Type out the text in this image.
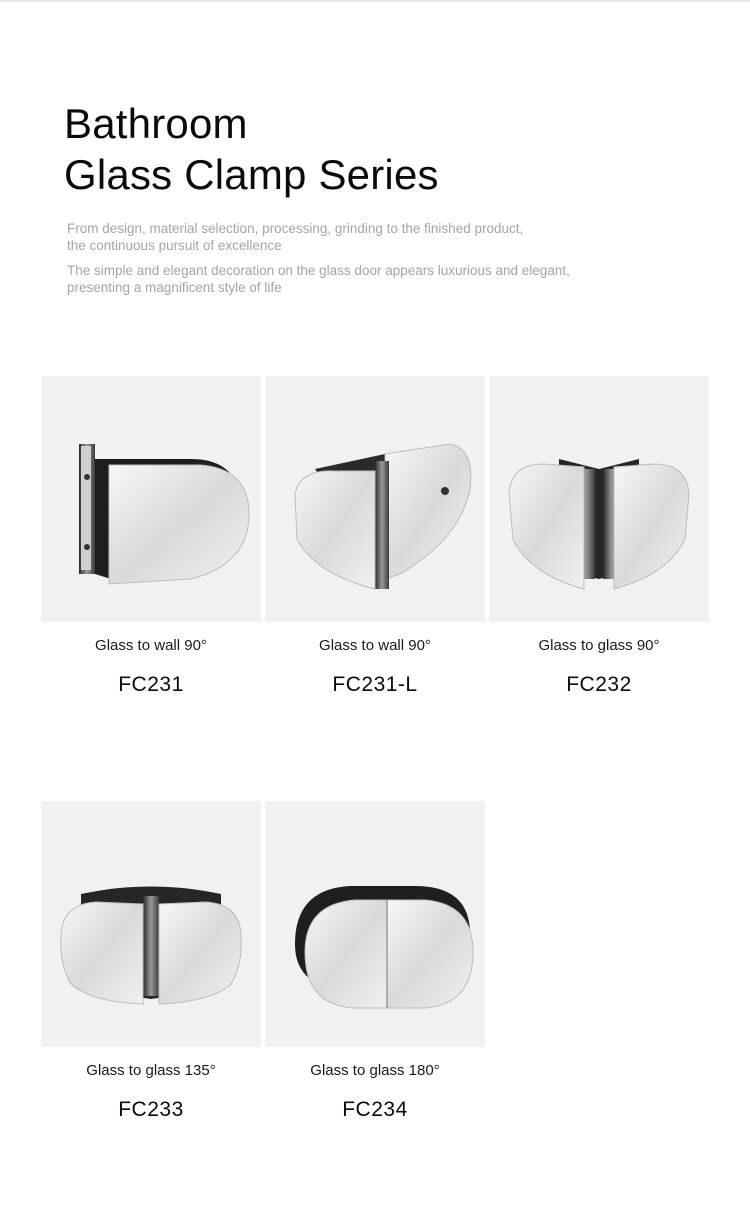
Bathroom
Glass Clamp Series
From design, material selection, processing, grinding to the finished product,
the continuous pursuit of excellence
The simple and elegant decoration on the glass door appears luxurious and elegant,
presenting a magnificent style of life
Glass to wall 90°
FC231
Glass to wall 90°
FC231-L
Glass to glass 90°
FC232
Glass to glass 135°
FC233
Glass to glass 180°
FC234
